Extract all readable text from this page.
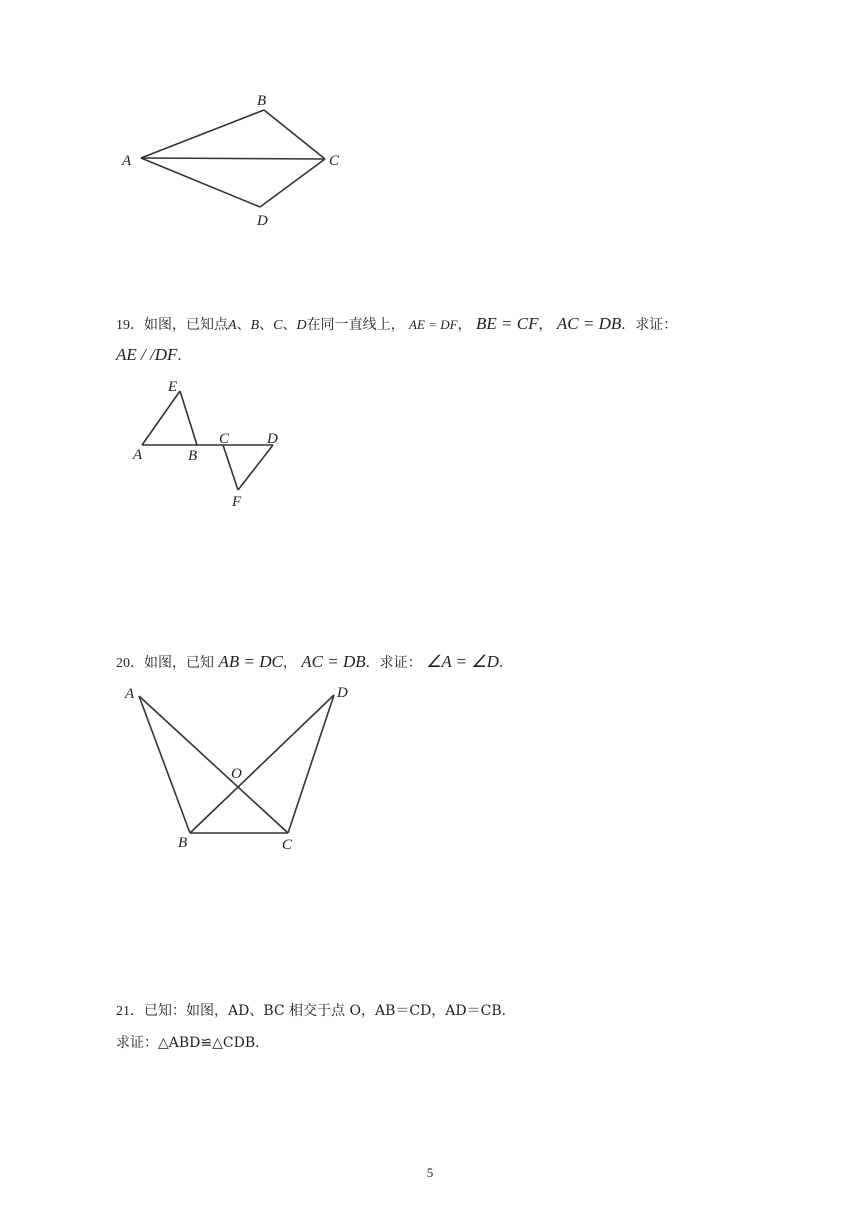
B
A	C
D
19．如图，已知点A、B、C、D在同一直线上， AE = DF， BE = CF， AC = DB．求证：
AE / /DF．
E
A	B
C	D
F
20．如图，已知 AB = DC， AC = DB．求证： ∠A = ∠D．
A	D
O
B	C
21．已知：如图，AD、BC 相交于点 O，AB＝CD，AD＝CB．
求证：△ABD≌△CDB．
5
